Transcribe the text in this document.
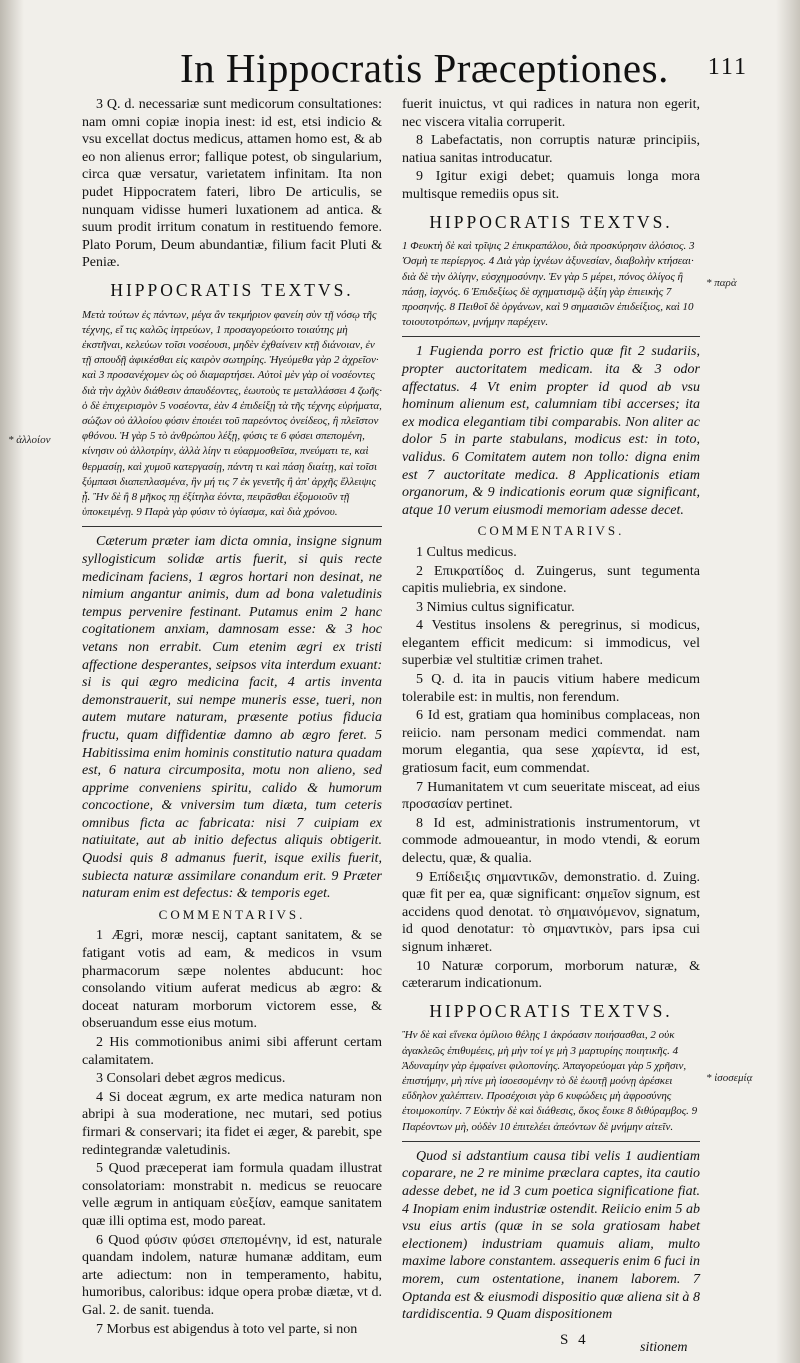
In Hippocratis Præceptiones. 111
* ἀλλοίον
* παρὰ
* ἰσοσεμίᾳ

3 Q. d. necessariæ sunt medicorum consultationes: nam omni copiæ inopia inest: id est, etsi indicio & vsu excellat doctus medicus, attamen homo est, & ab eo non alienus error; fallique potest, ob singularium, circa quæ versatur, varietatem infinitam. Ita non pudet Hippocratem fateri, libro De articulis, se nunquam vidisse humeri luxationem ad antica. & suum prodit irritum conatum in restituendo femore. Plato Porum, Deum abundantiæ, filium facit Pluti & Peniæ.

HIPPOCRATIS TEXTVS.

Μετὰ τούτων ἐς πάντων, μέγα ἂν τεκμήριον φανείη σὺν τῇ νόσῳ τῆς τέχνης, εἴ τις καλῶς ἰητρεύων, 1 προσαγορεύοιτο τοιαύτης μὴ ἐκστῆναι, κελεύων τοῖσι νοσέουσι, μηδὲν ἐχθαίνειν κτῇ διάνοιαν, ἐν τῇ σπουδῇ ἀφικέσθαι εἰς καιρὸν σωτηρίης. Ἡγεύμεθα γὰρ 2 ἀχρεῖον· καὶ 3 προσανέχομεν ὡς οὐ διαμαρτήσει. Αὐτοὶ μὲν γὰρ οἱ νοσέοντες διὰ τὴν ἀχλὺν διάθεσιν ἀπαυδέοντες, ἑωυτοὺς τε μεταλλάσσει 4 ζωῆς· ὁ δὲ ἐπιχειρισμὸν 5 νοσέοντα, ἐὰν 4 ἐπιδείξῃ τὰ τῆς τέχνης εὑρήματα, σώζων οὐ ἀλλοίου φύσιν ἐποιέει τοῦ παρεόντος ὀνείδεος, ἢ πλεῖστον φθόνου. Ἡ γὰρ 5 τὸ ἀνθρώπου λέξῃ, φύσις τε 6 φύσει σπεπομένη, κίνησιν οὐ ἀλλοτρίην, ἀλλὰ λίην τι εὐαρμοσθεῖσα, πνεύματι τε, καὶ θερμασίῃ, καὶ χυμοῦ κατεργασίῃ, πάντη τι καὶ πάσῃ διαίτῃ, καὶ τοῖσι ξύμπασι διαπεπλασμένα, ἢν μή τις 7 ἐκ γενετῆς ἢ ἀπ' ἀρχῆς ἔλλειψις ᾖ. Ἢν δὲ ἢ 8 μῆκος πῃ ἐξίτηλα ἐόντα, πειρᾶσθαι ἐξομοιοῦν τῇ ὑποκειμένῃ. 9 Παρὰ γὰρ φύσιν τὸ ὑγίασμα, καὶ διὰ χρόνου.

Cæterum præter iam dicta omnia, insigne signum syllogisticum solidæ artis fuerit, si quis recte medicinam faciens, 1 ægros hortari non desinat, ne nimium angantur animis, dum ad bona valetudinis tempus pervenire festinant. Putamus enim 2 hanc cogitationem anxiam, damnosam esse: & 3 hoc vetans non errabit. Cum etenim ægri ex tristi affectione desperantes, seipsos vita interdum exuant: si is qui ægro medicina facit, 4 artis inventa demonstrauerit, sui nempe muneris esse, tueri, non autem mutare naturam, præsente potius fiducia fructu, quam diffidentiæ damno ab ægro feret. 5 Habitissima enim hominis constitutio natura quadam est, 6 natura circumposita, motu non alieno, sed apprime conveniens spiritu, calido & humorum concoctione, & vniversim tum diæta, tum ceteris omnibus ficta ac fabricata: nisi 7 cuipiam ex natiuitate, aut ab initio defectus aliquis obtigerit. Quodsi quis 8 admanus fuerit, isque exilis fuerit, subiecta naturæ assimilare conandum erit. 9 Præter naturam enim est defectus: & temporis eget.

COMMENTARIVS.

1 Ægri, moræ nescij, captant sanitatem, & se fatigant votis ad eam, & medicos in vsum pharmacorum sæpe nolentes abducunt: hoc consolando vitium auferat medicus ab ægro: & doceat naturam morborum victorem esse, & obseruandum esse eius motum.

2 His commotionibus animi sibi afferunt certam calamitatem.

3 Consolari debet ægros medicus.

4 Si doceat ægrum, ex arte medica naturam non abripi à sua moderatione, nec mutari, sed potius firmari & conservari; ita fidet ei æger, & parebit, spe redintegrandæ valetudinis.

5 Quod præceperat iam formula quadam illustrat consolatoriam: monstrabit n. medicus se reuocare velle ægrum in antiquam εὐεξίαν, eamque sanitatem quæ illi optima est, modo pareat.

6 Quod φύσιν φύσει σπεπομένην, id est, naturale quandam indolem, naturæ humanæ additam, eum arte adiectum: non in temperamento, habitu, humoribus, caloribus: idque opera probæ diætæ, vt d. Gal. 2. de sanit. tuenda.

7 Morbus est abigendus à toto vel parte, si non

fuerit inuictus, vt qui radices in natura non egerit, nec viscera vitalia corruperit.

8 Labefactatis, non corruptis naturæ principiis, natiua sanitas introducatur.

9 Igitur exigi debet; quamuis longa mora multisque remediis opus sit.

HIPPOCRATIS TEXTVS.

1 Φευκτὴ δὲ καὶ τρῖψις 2 ἐπικραπάλου, διὰ προσκύρησιν ἀλόσιος. 3 Ὀσμὴ τε περίεργος. 4 Διὰ γὰρ ἰχνέων ἀξυνεσίαν, διαβολὴν κτήσεαι· διὰ δὲ τὴν ὀλίγην, εὐσχημοσύνην. Ἐν γὰρ 5 μέρει, πόνος ὀλίγος ἢ πάσῃ, ἰσχνός. 6 Ἐπιδεξίως δὲ σχηματισμῷ ἀξίη γὰρ ἐπιεικὴς 7 προσηνής. 8 Πειθοῖ δὲ ὀργάνων, καὶ 9 σημασιῶν ἐπιδείξιος, καὶ 10 τοιουτοτρόπων, μνήμην παρέχειν.

1 Fugienda porro est frictio quæ fit 2 sudariis, propter auctoritatem medicam. ita & 3 odor affectatus. 4 Vt enim propter id quod ab vsu hominum alienum est, calumniam tibi accerses; ita ex modica elegantiam tibi comparabis. Non aliter ac dolor 5 in parte stabulans, modicus est: in toto, validus. 6 Comitatem autem non tollo: digna enim est 7 auctoritate medica. 8 Applicationis etiam organorum, & 9 indicationis eorum quæ significant, atque 10 verum eiusmodi memoriam adesse decet.

COMMENTARIVS.

1 Cultus medicus.

2 Επικρατίδος d. Zuingerus, sunt tegumenta capitis muliebria, ex sindone.

3 Nimius cultus significatur.

4 Vestitus insolens & peregrinus, si modicus, elegantem efficit medicum: si immodicus, vel superbiæ vel stultitiæ crimen trahet.

5 Q. d. ita in paucis vitium habere medicum tolerabile est: in multis, non ferendum.

6 Id est, gratiam qua hominibus complaceas, non reiicio. nam personam medici commendat. nam morum elegantia, qua sese χαρίεντα, id est, gratiosum facit, eum commendat.

7 Humanitatem vt cum seueritate misceat, ad eius προσασίαν pertinet.

8 Id est, administrationis instrumentorum, vt commode admoueantur, in modo vtendi, & eorum delectu, quæ, & qualia.

9 Επίδειξις σημαντικῶν, demonstratio. d. Zuing. quæ fit per ea, quæ significant: σημεῖον signum, est accidens quod denotat. τὸ σημαινόμενον, signatum, id quod denotatur: τὸ σημαντικὸν, pars ipsa cui signum inhæret.

10 Naturæ corporum, morborum naturæ, & cæterarum indicationum.

HIPPOCRATIS TEXTVS.

Ἢν δὲ καὶ εἵνεκα ὁμίλοιο θέλῃς 1 ἀκρόασιν ποιήσασθαι, 2 οὐκ ἀγακλεῶς ἐπιθυμέεις, μὴ μὴν τοί γε μὴ 3 μαρτυρίης ποιητικῆς. 4 Ἀδυναμίην γὰρ ἐμφαίνει φιλοπονίης. Ἀπαγορεύομαι γὰρ 5 χρῆσιν, ἐπιστήμην, μὴ πίνε μὴ ἰσοεσομένην τὸ δὲ ἑωυτῇ μούνῃ ἀρέσκει εὔδηλον χαλέπτειν. Προσέχοισι γὰρ 6 κυφώδεις μὴ ἀφροσύνης ἐτοιμοκοπίην. 7 Εὐκτὴν δὲ καὶ διάθεσις, ὅκος ἔοικε 8 διθύραμβος. 9 Παρέοντων μὴ, οὐδὲν 10 ἐπιτελέει ἀπεόντων δὲ μνήμην αἰτεῖν.

Quod si adstantium causa tibi velis 1 audientiam coparare, ne 2 re minime præclara captes, ita cautio adesse debet, ne id 3 cum poetica significatione fiat. 4 Inopiam enim industriæ ostendit. Reiicio enim 5 ab vsu eius artis (quæ in se sola gratiosam habet electionem) industriam quamuis aliam, multo maxime labore constantem. assequeris enim 6 fuci in morem, cum ostentatione, inanem laborem. 7 Optanda est & eiusmodi dispositio quæ aliena sit à 8 tardidiscentia. 9 Quam dispositionem

S 4	sitionem
